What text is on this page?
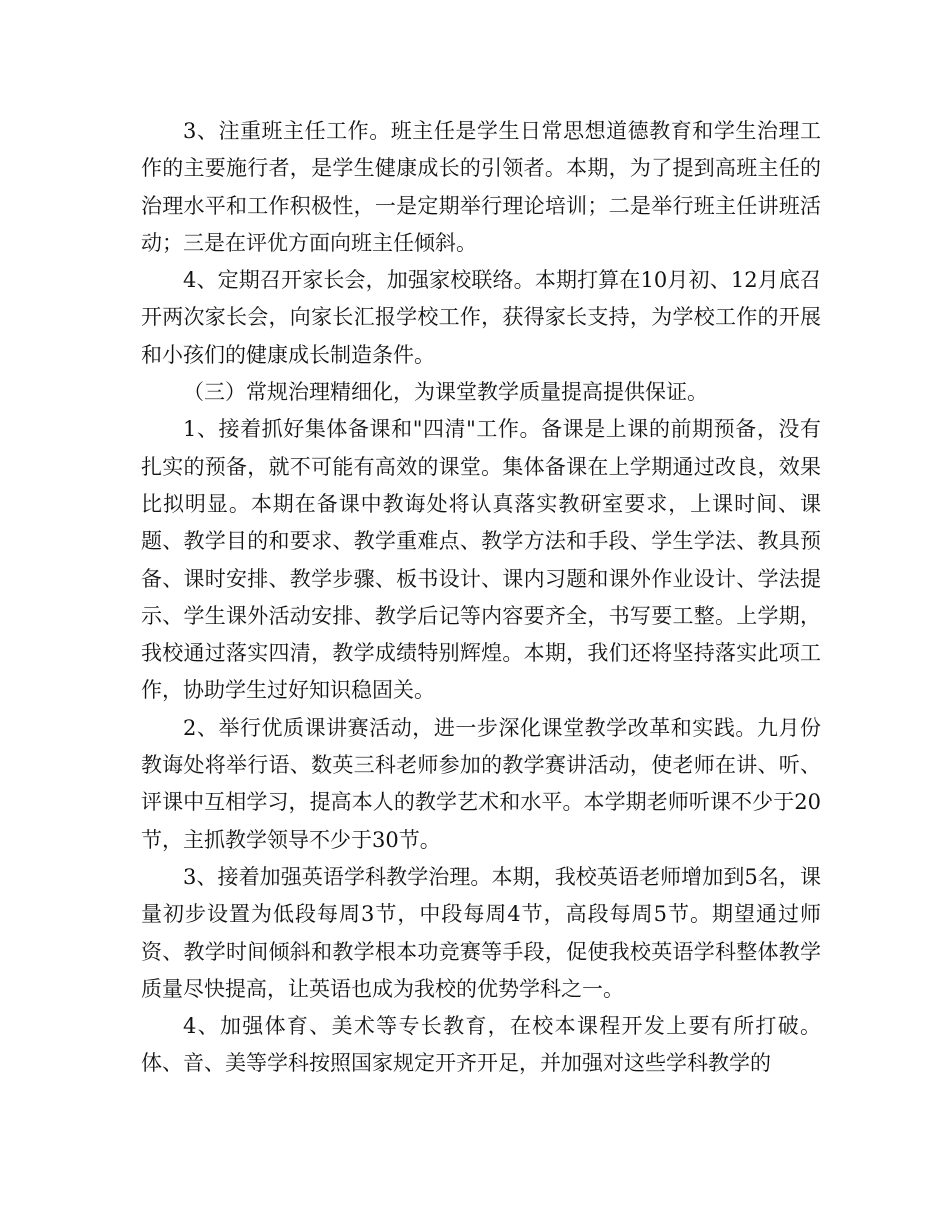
3、注重班主任工作。班主任是学生日常思想道德教育和学生治理工作的主要施行者，是学生健康成长的引领者。本期，为了提到高班主任的治理水平和工作积极性，一是定期举行理论培训；二是举行班主任讲班活动；三是在评优方面向班主任倾斜。

4、定期召开家长会，加强家校联络。本期打算在10月初、12月底召开两次家长会，向家长汇报学校工作，获得家长支持，为学校工作的开展和小孩们的健康成长制造条件。

（三）常规治理精细化，为课堂教学质量提高提供保证。

1、接着抓好集体备课和"四清"工作。备课是上课的前期预备，没有扎实的预备，就不可能有高效的课堂。集体备课在上学期通过改良，效果比拟明显。本期在备课中教诲处将认真落实教研室要求，上课时间、课题、教学目的和要求、教学重难点、教学方法和手段、学生学法、教具预备、课时安排、教学步骤、板书设计、课内习题和课外作业设计、学法提示、学生课外活动安排、教学后记等内容要齐全，书写要工整。上学期，我校通过落实四清，教学成绩特别辉煌。本期，我们还将坚持落实此项工作，协助学生过好知识稳固关。

2、举行优质课讲赛活动，进一步深化课堂教学改革和实践。九月份教诲处将举行语、数英三科老师参加的教学赛讲活动，使老师在讲、听、评课中互相学习，提高本人的教学艺术和水平。本学期老师听课不少于20节，主抓教学领导不少于30节。

3、接着加强英语学科教学治理。本期，我校英语老师增加到5名，课量初步设置为低段每周3节，中段每周4节，高段每周5节。期望通过师资、教学时间倾斜和教学根本功竞赛等手段，促使我校英语学科整体教学质量尽快提高，让英语也成为我校的优势学科之一。

4、加强体育、美术等专长教育，在校本课程开发上要有所打破。体、音、美等学科按照国家规定开齐开足，并加强对这些学科教学的
